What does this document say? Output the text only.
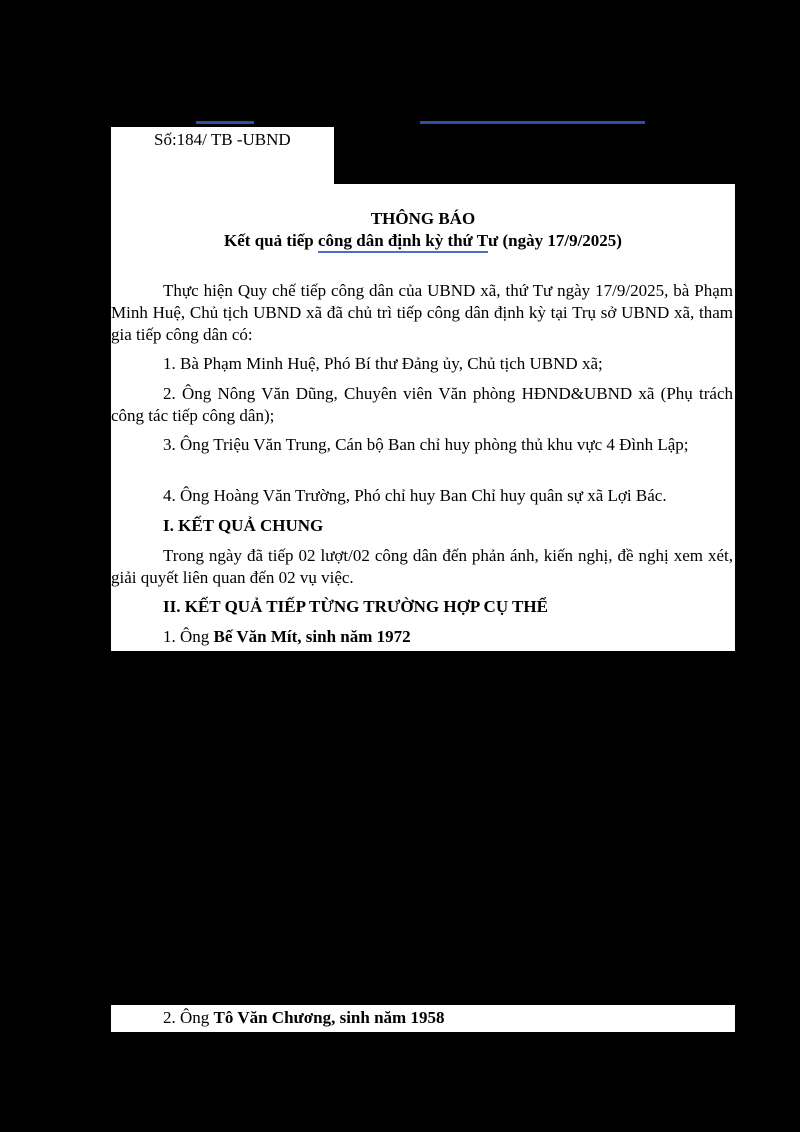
Số:184/ TB -UBND
THÔNG BÁO
Kết quả tiếp công dân định kỳ thứ Tư (ngày 17/9/2025)
Thực hiện Quy chế tiếp công dân của UBND xã, thứ Tư ngày 17/9/2025, bà Phạm Minh Huệ, Chủ tịch UBND xã đã chủ trì tiếp công dân định kỳ tại Trụ sở UBND xã, tham gia tiếp công dân có:
1. Bà Phạm Minh Huệ, Phó Bí thư Đảng ủy, Chủ tịch UBND xã;
2. Ông Nông Văn Dũng, Chuyên viên Văn phòng HĐND&UBND xã (Phụ trách công tác tiếp công dân);
3. Ông Triệu Văn Trung, Cán bộ Ban chỉ huy phòng thủ khu vực 4 Đình Lập;
4. Ông Hoàng Văn Trường, Phó chỉ huy Ban Chỉ huy quân sự xã Lợi Bác.
I. KẾT QUẢ CHUNG
Trong ngày đã tiếp 02 lượt/02 công dân đến phản ánh, kiến nghị, đề nghị xem xét, giải quyết liên quan đến 02 vụ việc.
II. KẾT QUẢ TIẾP TỪNG TRƯỜNG HỢP CỤ THỂ
1. Ông Bế Văn Mít, sinh năm 1972
2. Ông Tô Văn Chương, sinh năm 1958
